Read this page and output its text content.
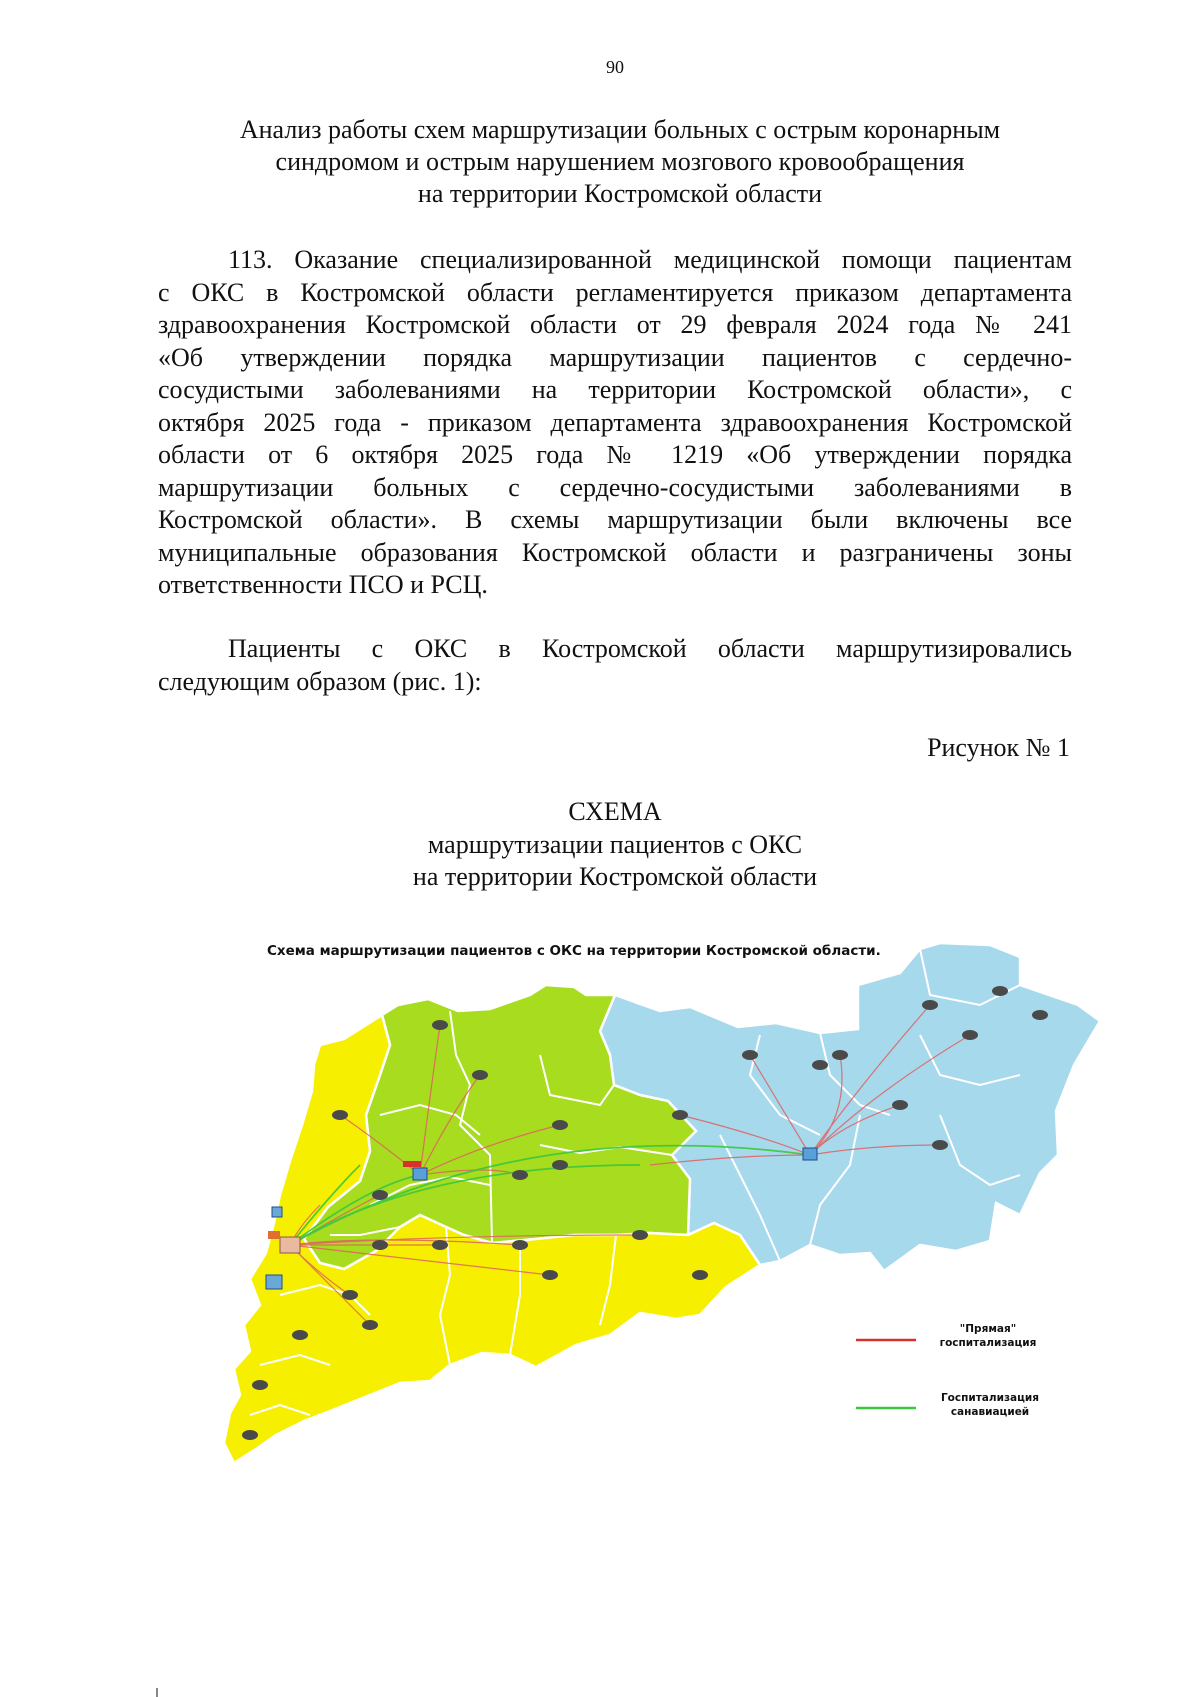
90
Анализ работы схем маршрутизации больных с острым коронарным
синдромом и острым нарушением мозгового кровообращения
на территории Костромской области
113. Оказание специализированной медицинской помощи пациентам
с ОКС в Костромской области регламентируется приказом департамента
здравоохранения Костромской области от 29 февраля 2024 года № 241
«Об утверждении порядка маршрутизации пациентов с сердечно-
сосудистыми заболеваниями на территории Костромской области», с
октября 2025 года - приказом департамента здравоохранения Костромской
области от 6 октября 2025 года № 1219 «Об утверждении порядка
маршрутизации больных с сердечно-сосудистыми заболеваниями в
Костромской области». В схемы маршрутизации были включены все
муниципальные образования Костромской области и разграничены зоны
ответственности ПСО и РСЦ.
Пациенты с ОКС в Костромской области маршрутизировались
следующим образом (рис. 1):
Рисунок № 1
СХЕМА
маршрутизации пациентов с ОКС
на территории Костромской области
Схема маршрутизации пациентов с ОКС на территории Костромской области.
"Прямая"
госпитализация
Госпитализация
санавиацией
